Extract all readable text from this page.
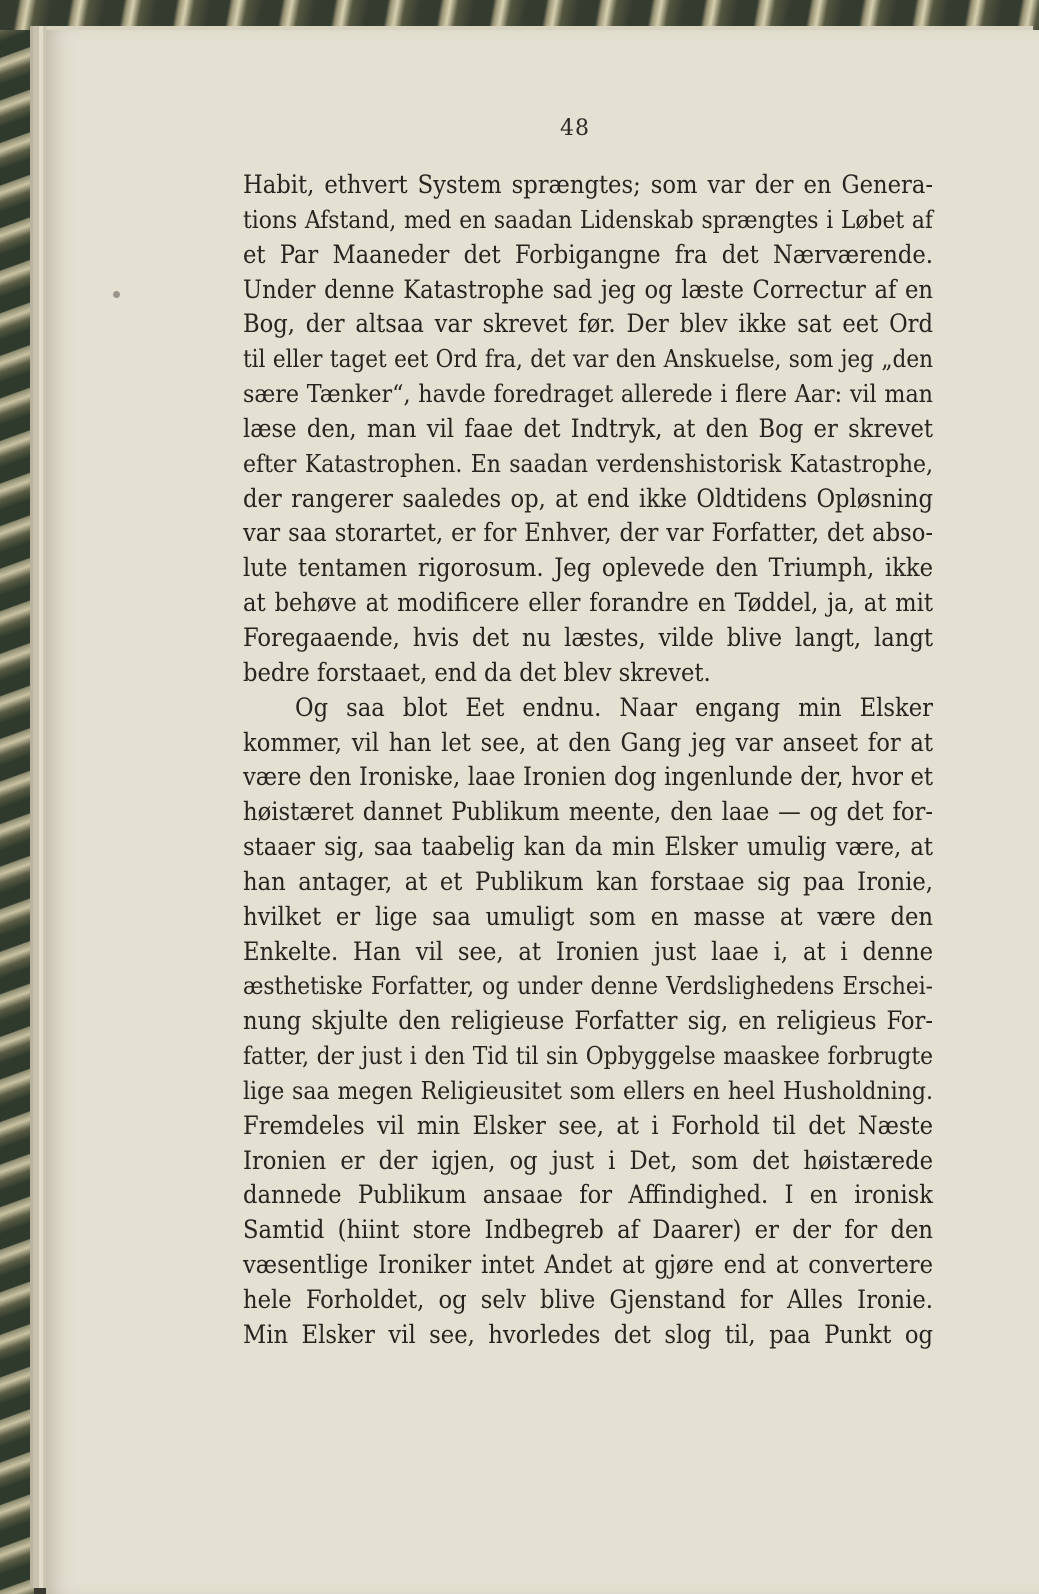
48
Habit, ethvert System sprængtes; som var der en Genera-
tions Afstand, med en saadan Lidenskab sprængtes i Løbet af
et Par Maaneder det Forbigangne fra det Nærværende.
Under denne Katastrophe sad jeg og læste Correctur af en
Bog, der altsaa var skrevet før. Der blev ikke sat eet Ord
til eller taget eet Ord fra, det var den Anskuelse, som jeg „den
sære Tænker“, havde foredraget allerede i flere Aar: vil man
læse den, man vil faae det Indtryk, at den Bog er skrevet
efter Katastrophen. En saadan verdenshistorisk Katastrophe,
der rangerer saaledes op, at end ikke Oldtidens Opløsning
var saa storartet, er for Enhver, der var Forfatter, det abso-
lute tentamen rigorosum. Jeg oplevede den Triumph, ikke
at behøve at modificere eller forandre en Tøddel, ja, at mit
Foregaaende, hvis det nu læstes, vilde blive langt, langt
bedre forstaaet, end da det blev skrevet.
Og saa blot Eet endnu. Naar engang min Elsker
kommer, vil han let see, at den Gang jeg var anseet for at
være den Ironiske, laae Ironien dog ingenlunde der, hvor et
høistæret dannet Publikum meente, den laae — og det for-
staaer sig, saa taabelig kan da min Elsker umulig være, at
han antager, at et Publikum kan forstaae sig paa Ironie,
hvilket er lige saa umuligt som en masse at være den
Enkelte. Han vil see, at Ironien just laae i, at i denne
æsthetiske Forfatter, og under denne Verdslighedens Erschei-
nung skjulte den religieuse Forfatter sig, en religieus For-
fatter, der just i den Tid til sin Opbyggelse maaskee forbrugte
lige saa megen Religieusitet som ellers en heel Husholdning.
Fremdeles vil min Elsker see, at i Forhold til det Næste
Ironien er der igjen, og just i Det, som det høistærede
dannede Publikum ansaae for Affindighed. I en ironisk
Samtid (hiint store Indbegreb af Daarer) er der for den
væsentlige Ironiker intet Andet at gjøre end at convertere
hele Forholdet, og selv blive Gjenstand for Alles Ironie.
Min Elsker vil see, hvorledes det slog til, paa Punkt og
